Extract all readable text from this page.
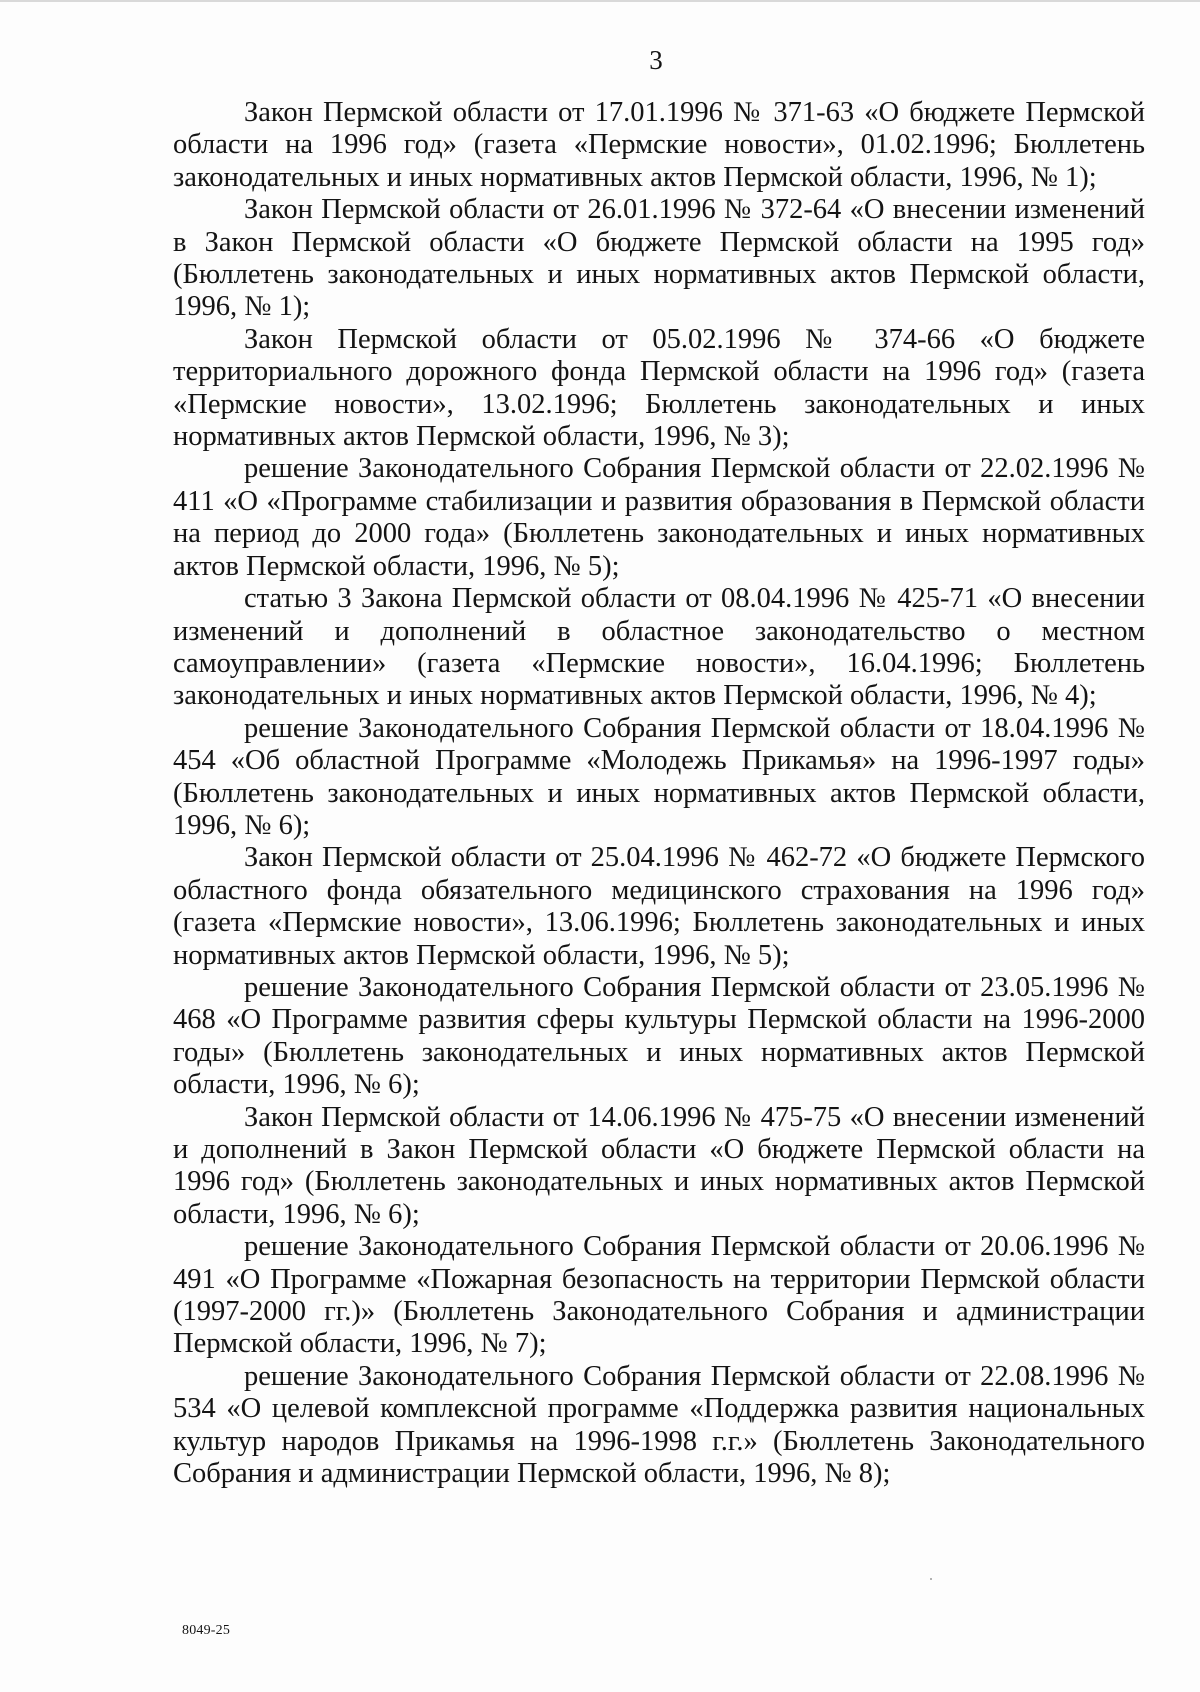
3

Закон Пермской области от 17.01.1996 № 371-63 «О бюджете Пермской области на 1996 год» (газета «Пермские новости», 01.02.1996; Бюллетень законодательных и иных нормативных актов Пермской области, 1996, № 1);

Закон Пермской области от 26.01.1996 № 372-64 «О внесении изменений в Закон Пермской области «О бюджете Пермской области на 1995 год» (Бюллетень законодательных и иных нормативных актов Пермской области, 1996, № 1);

Закон Пермской области от 05.02.1996 № 374-66 «О бюджете территориального дорожного фонда Пермской области на 1996 год» (газета «Пермские новости», 13.02.1996; Бюллетень законодательных и иных нормативных актов Пермской области, 1996, № 3);

решение Законодательного Собрания Пермской области от 22.02.1996 № 411 «О «Программе стабилизации и развития образования в Пермской области на период до 2000 года» (Бюллетень законодательных и иных нормативных актов Пермской области, 1996, № 5);

статью 3 Закона Пермской области от 08.04.1996 № 425-71 «О внесении изменений и дополнений в областное законодательство о местном самоуправлении» (газета «Пермские новости», 16.04.1996; Бюллетень законодательных и иных нормативных актов Пермской области, 1996, № 4);

решение Законодательного Собрания Пермской области от 18.04.1996 № 454 «Об областной Программе «Молодежь Прикамья» на 1996-1997 годы» (Бюллетень законодательных и иных нормативных актов Пермской области, 1996, № 6);

Закон Пермской области от 25.04.1996 № 462-72 «О бюджете Пермского областного фонда обязательного медицинского страхования на 1996 год» (газета «Пермские новости», 13.06.1996; Бюллетень законодательных и иных нормативных актов Пермской области, 1996, № 5);

решение Законодательного Собрания Пермской области от 23.05.1996 № 468 «О Программе развития сферы культуры Пермской области на 1996-2000 годы» (Бюллетень законодательных и иных нормативных актов Пермской области, 1996, № 6);

Закон Пермской области от 14.06.1996 № 475-75 «О внесении изменений и дополнений в Закон Пермской области «О бюджете Пермской области на 1996 год» (Бюллетень законодательных и иных нормативных актов Пермской области, 1996, № 6);

решение Законодательного Собрания Пермской области от 20.06.1996 № 491 «О Программе «Пожарная безопасность на территории Пермской области (1997-2000 гг.)» (Бюллетень Законодательного Собрания и администрации Пермской области, 1996, № 7);

решение Законодательного Собрания Пермской области от 22.08.1996 № 534 «О целевой комплексной программе «Поддержка развития национальных культур народов Прикамья на 1996-1998 г.г.» (Бюллетень Законодательного Собрания и администрации Пермской области, 1996, № 8);

8049-25
